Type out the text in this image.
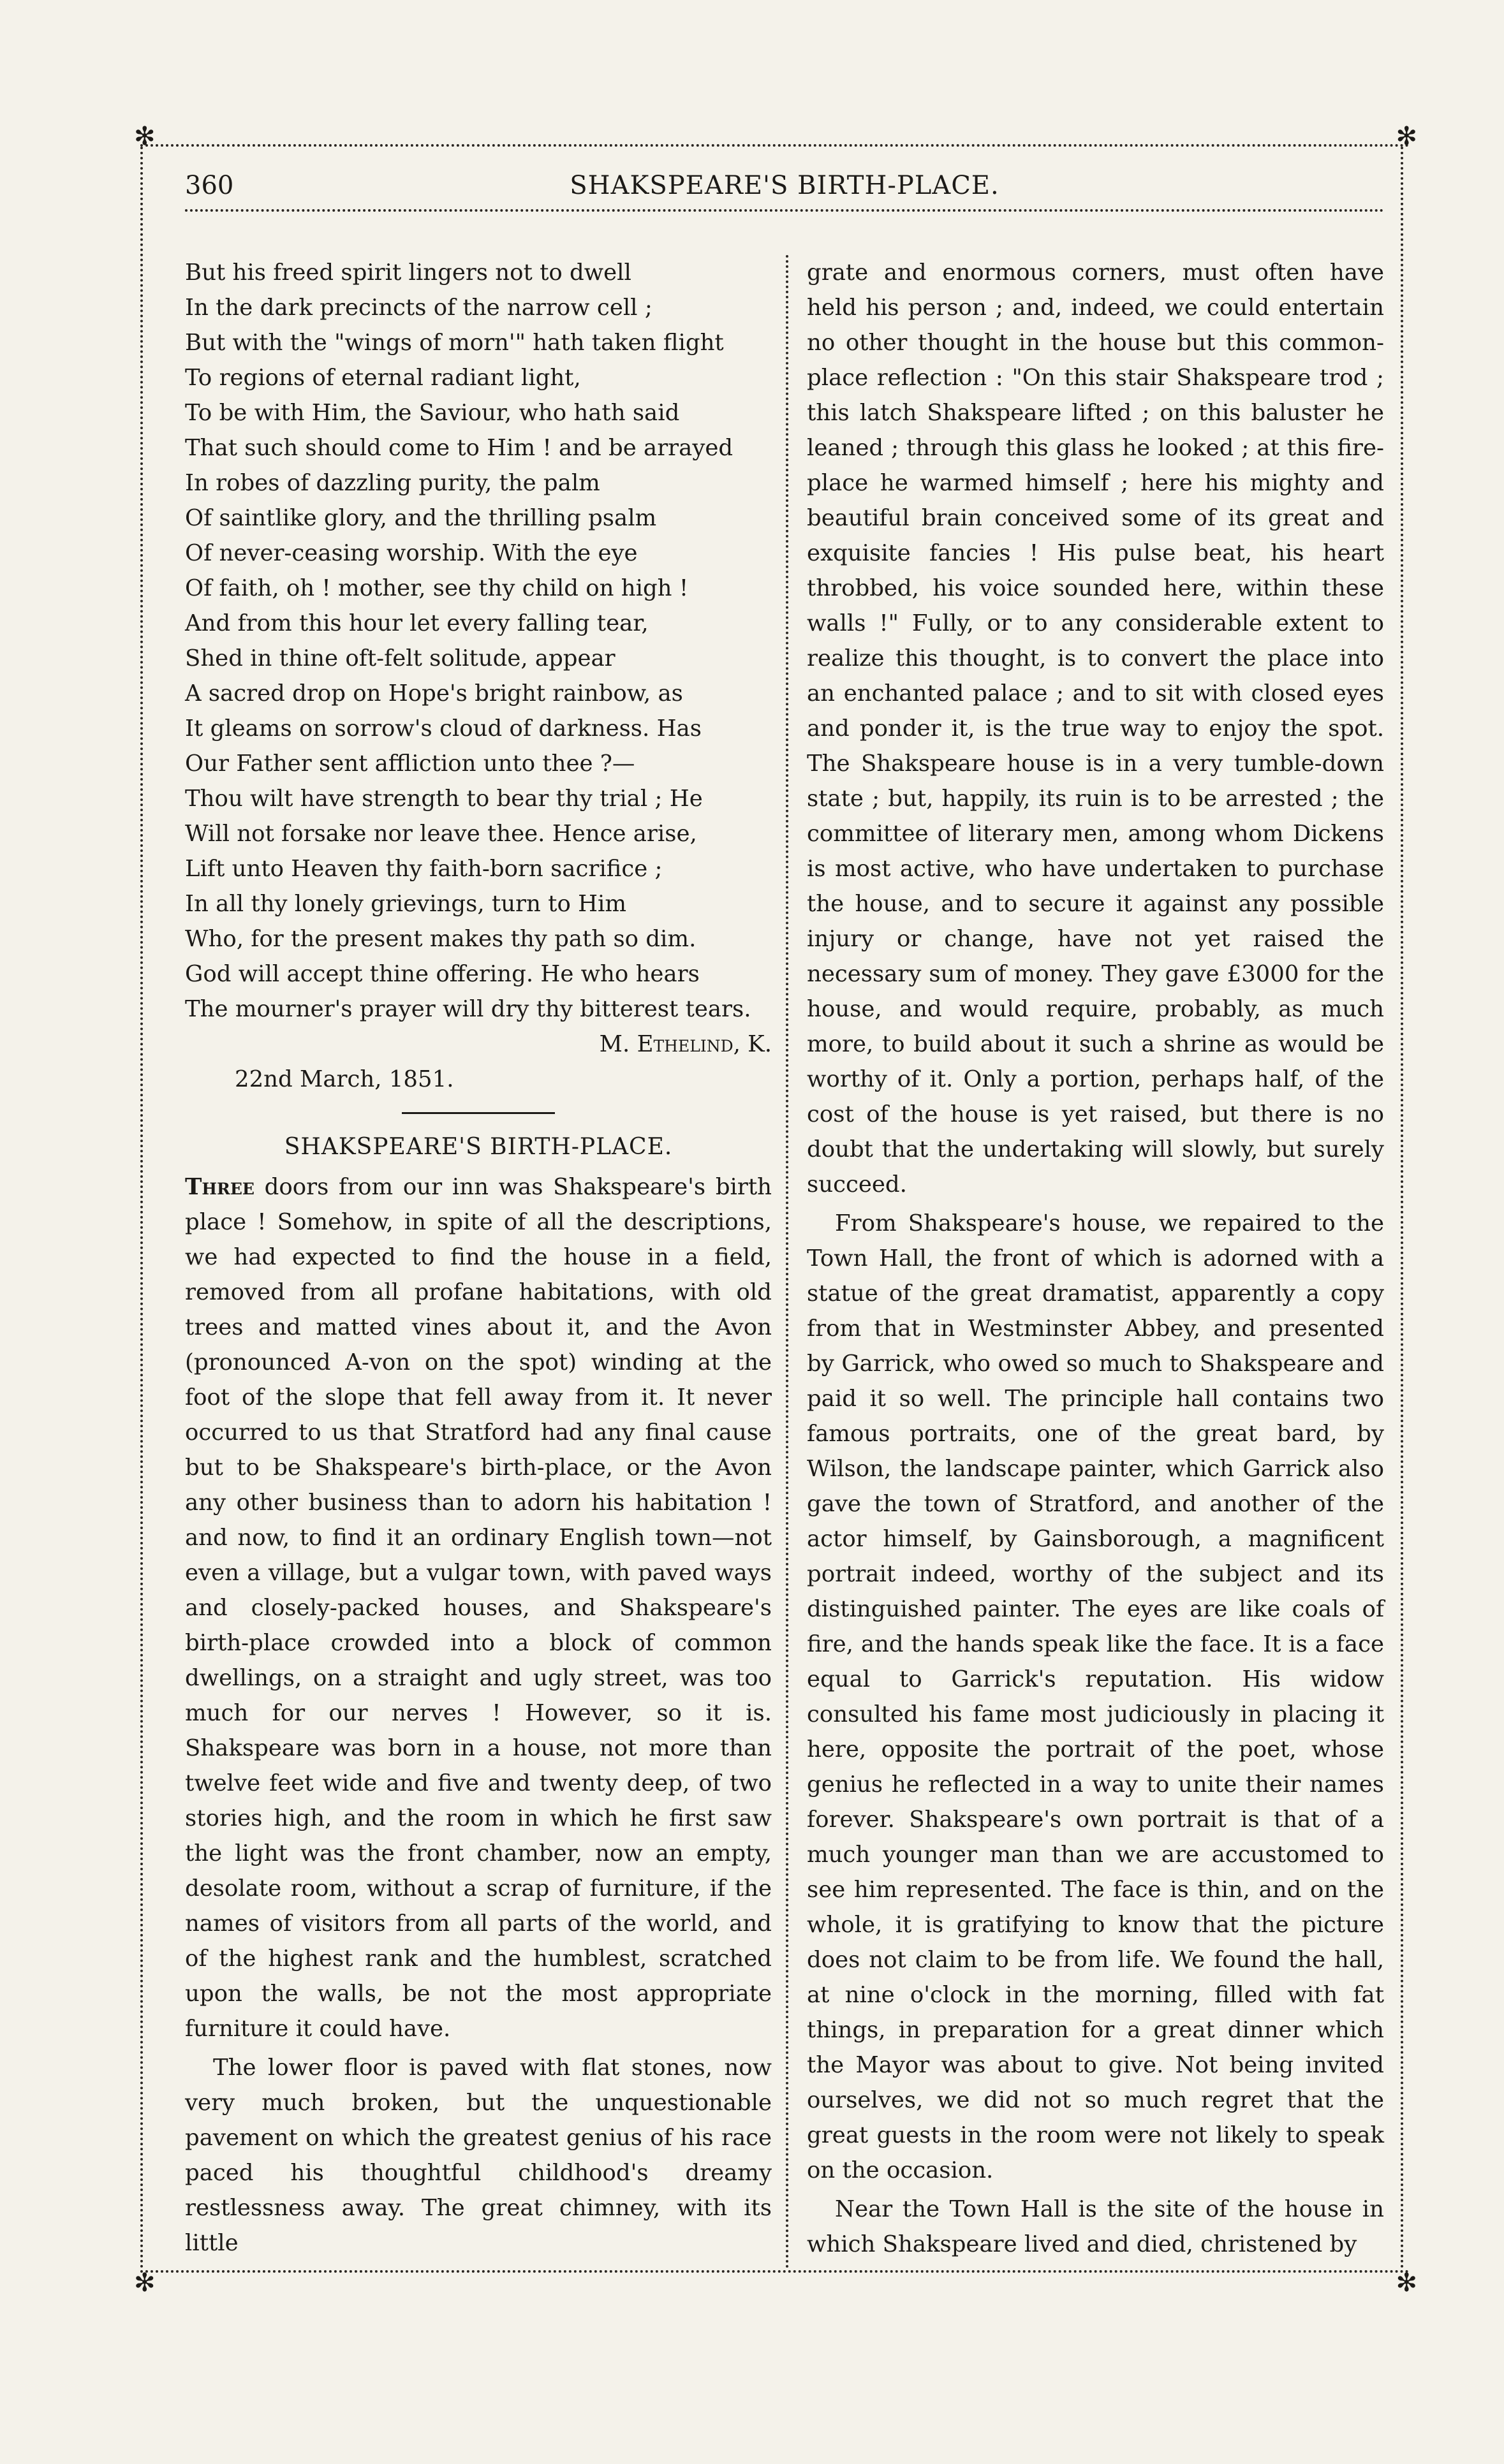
✻	✻
✻	✻
360	SHAKSPEARE'S BIRTH-PLACE.
But his freed spirit lingers not to dwell
In the dark precincts of the narrow cell ;
But with the "wings of morn'" hath taken flight
To regions of eternal radiant light,
To be with Him, the Saviour, who hath said
That such should come to Him ! and be arrayed
In robes of dazzling purity, the palm
Of saintlike glory, and the thrilling psalm
Of never-ceasing worship. With the eye
Of faith, oh ! mother, see thy child on high !
And from this hour let every falling tear,
Shed in thine oft-felt solitude, appear
A sacred drop on Hope's bright rainbow, as
It gleams on sorrow's cloud of darkness. Has
Our Father sent affliction unto thee ?—
Thou wilt have strength to bear thy trial ; He
Will not forsake nor leave thee. Hence arise,
Lift unto Heaven thy faith-born sacrifice ;
In all thy lonely grievings, turn to Him
Who, for the present makes thy path so dim.
God will accept thine offering. He who hears
The mourner's prayer will dry thy bitterest tears.
M. Ethelind, K.
22nd March, 1851.
SHAKSPEARE'S BIRTH-PLACE.

Three doors from our inn was Shakspeare's birth place ! Somehow, in spite of all the descriptions, we had expected to find the house in a field, removed from all profane habitations, with old trees and matted vines about it, and the Avon (pronounced A-von on the spot) winding at the foot of the slope that fell away from it. It never occurred to us that Stratford had any final cause but to be Shakspeare's birth-place, or the Avon any other business than to adorn his habitation ! and now, to find it an ordinary English town—not even a village, but a vulgar town, with paved ways and closely-packed houses, and Shakspeare's birth-place crowded into a block of common dwellings, on a straight and ugly street, was too much for our nerves ! However, so it is. Shakspeare was born in a house, not more than twelve feet wide and five and twenty deep, of two stories high, and the room in which he first saw the light was the front chamber, now an empty, desolate room, without a scrap of furniture, if the names of visitors from all parts of the world, and of the highest rank and the humblest, scratched upon the walls, be not the most appropriate furniture it could have.

The lower floor is paved with flat stones, now very much broken, but the unquestionable pavement on which the greatest genius of his race paced his thoughtful childhood's dreamy restlessness away. The great chimney, with its little

grate and enormous corners, must often have held his person ; and, indeed, we could entertain no other thought in the house but this common-place reflection : "On this stair Shakspeare trod ; this latch Shakspeare lifted ; on this baluster he leaned ; through this glass he looked ; at this fire-place he warmed himself ; here his mighty and beautiful brain conceived some of its great and exquisite fancies ! His pulse beat, his heart throbbed, his voice sounded here, within these walls !" Fully, or to any considerable extent to realize this thought, is to convert the place into an enchanted palace ; and to sit with closed eyes and ponder it, is the true way to enjoy the spot. The Shakspeare house is in a very tumble-down state ; but, happily, its ruin is to be arrested ; the committee of literary men, among whom Dickens is most active, who have undertaken to purchase the house, and to secure it against any possible injury or change, have not yet raised the necessary sum of money. They gave £3000 for the house, and would require, probably, as much more, to build about it such a shrine as would be worthy of it. Only a portion, perhaps half, of the cost of the house is yet raised, but there is no doubt that the undertaking will slowly, but surely succeed.

From Shakspeare's house, we repaired to the Town Hall, the front of which is adorned with a statue of the great dramatist, apparently a copy from that in Westminster Abbey, and presented by Garrick, who owed so much to Shakspeare and paid it so well. The principle hall contains two famous portraits, one of the great bard, by Wilson, the landscape painter, which Garrick also gave the town of Stratford, and another of the actor himself, by Gainsborough, a magnificent portrait indeed, worthy of the subject and its distinguished painter. The eyes are like coals of fire, and the hands speak like the face. It is a face equal to Garrick's reputation. His widow consulted his fame most judiciously in placing it here, opposite the portrait of the poet, whose genius he reflected in a way to unite their names forever. Shakspeare's own portrait is that of a much younger man than we are accustomed to see him represented. The face is thin, and on the whole, it is gratifying to know that the picture does not claim to be from life. We found the hall, at nine o'clock in the morning, filled with fat things, in preparation for a great dinner which the Mayor was about to give. Not being invited ourselves, we did not so much regret that the great guests in the room were not likely to speak on the occasion.

Near the Town Hall is the site of the house in which Shakspeare lived and died, christened by
